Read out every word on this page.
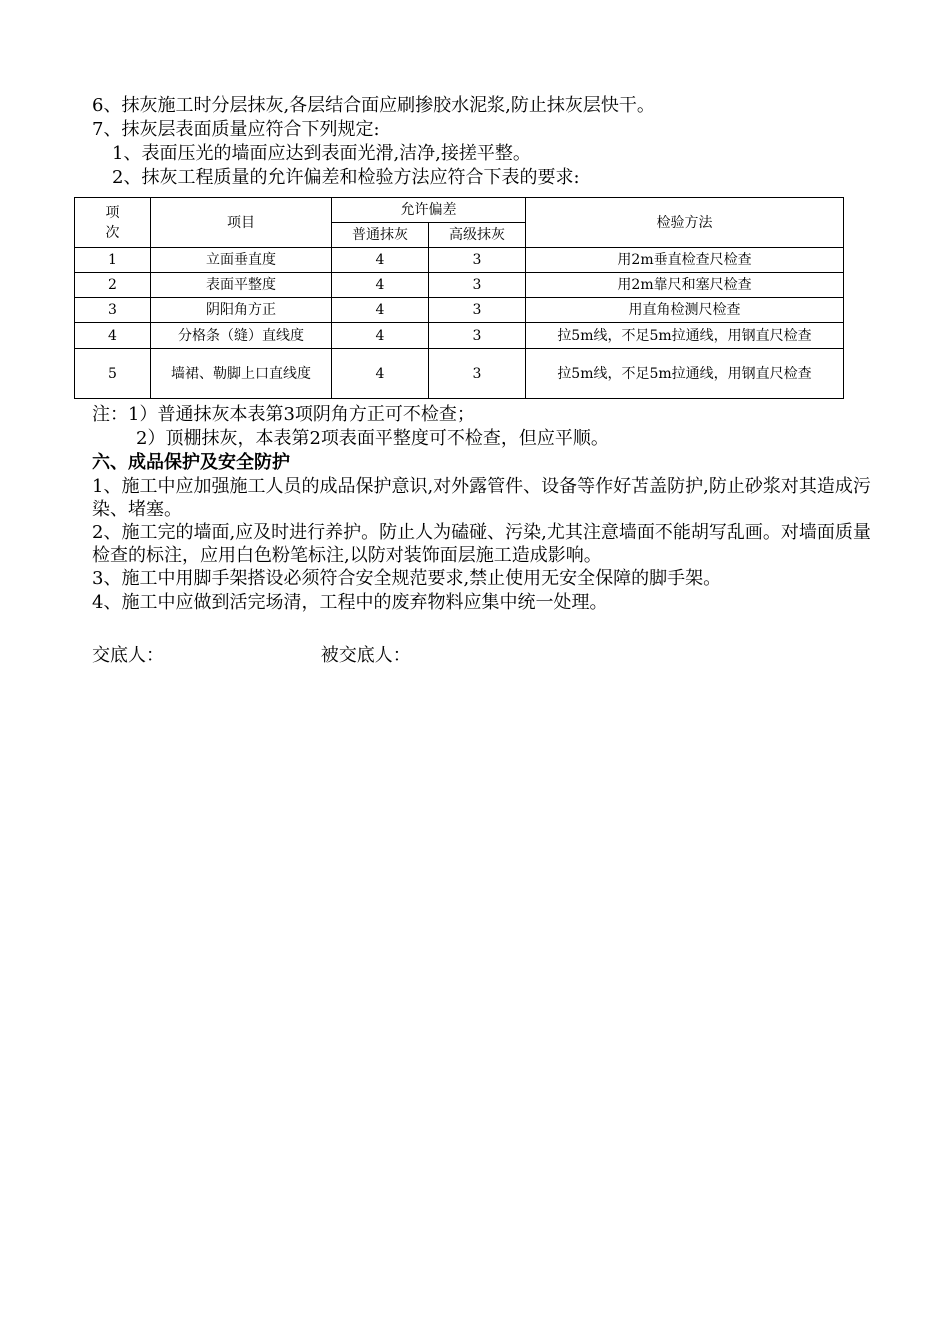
6、抹灰施工时分层抹灰,各层结合面应刷掺胶水泥浆,防止抹灰层快干。

7、抹灰层表面质量应符合下列规定:

1、表面压光的墙面应达到表面光滑,洁净,接搓平整。

2、抹灰工程质量的允许偏差和检验方法应符合下表的要求:

项次	项目	允许偏差		检验方法
		普通抹灰	高级抹灰	
1	立面垂直度	4	3	用2m垂直检查尺检查
2	表面平整度	4	3	用2m靠尺和塞尺检查
3	阴阳角方正	4	3	用直角检测尺检查
4	分格条（缝）直线度	4	3	拉5m线，不足5m拉通线，用钢直尺检查
5	墙裙、勒脚上口直线度	4	3	拉5m线，不足5m拉通线，用钢直尺检查

注：1）普通抹灰本表第3项阴角方正可不检查；

2）顶棚抹灰，本表第2项表面平整度可不检查，但应平顺。

六、成品保护及安全防护

1、施工中应加强施工人员的成品保护意识,对外露管件、设备等作好苫盖防护,防止砂浆对其造成污染、堵塞。

2、施工完的墙面,应及时进行养护。防止人为磕碰、污染,尤其注意墙面不能胡写乱画。对墙面质量检查的标注，应用白色粉笔标注,以防对装饰面层施工造成影响。

3、施工中用脚手架搭设必须符合安全规范要求,禁止使用无安全保障的脚手架。

4、施工中应做到活完场清，工程中的废弃物料应集中统一处理。

交底人：	被交底人：
